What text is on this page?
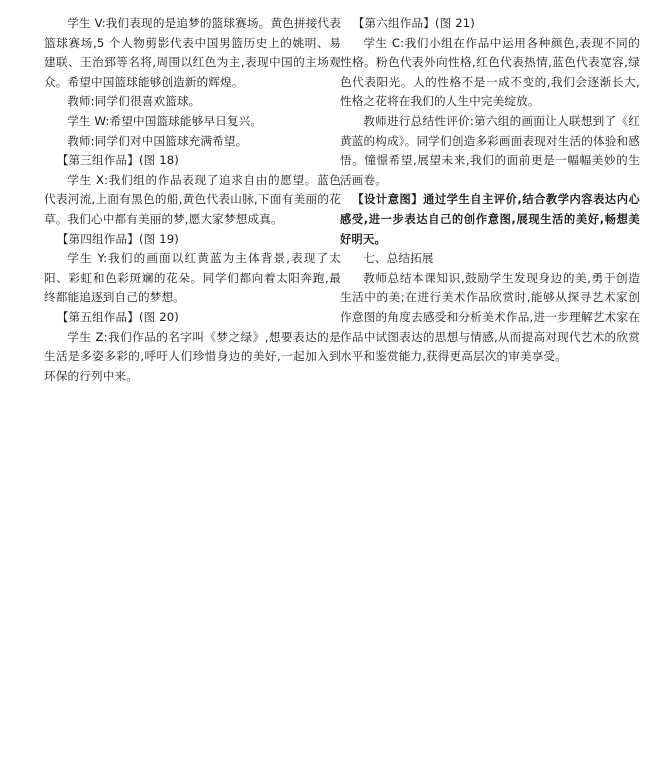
学生 V:我们表现的是追梦的篮球赛场。黄色拼接代表篮球赛场,5 个人物剪影代表中国男篮历史上的姚明、易建联、王治郅等名将,周围以红色为主,表现中国的主场观众。希望中国篮球能够创造新的辉煌。

教师:同学们很喜欢篮球。

学生 W:希望中国篮球能够早日复兴。

教师:同学们对中国篮球充满希望。

【第三组作品】(图 18)

学生 X:我们组的作品表现了追求自由的愿望。蓝色代表河流,上面有黑色的船,黄色代表山脉,下面有美丽的花草。我们心中都有美丽的梦,愿大家梦想成真。

【第四组作品】(图 19)

学生 Y:我们的画面以红黄蓝为主体背景,表现了太阳、彩虹和色彩斑斓的花朵。同学们都向着太阳奔跑,最终都能追逐到自己的梦想。

【第五组作品】(图 20)

学生 Z:我们作品的名字叫《梦之绿》,想要表达的是生活是多姿多彩的,呼吁人们珍惜身边的美好,一起加入到环保的行列中来。

【第六组作品】(图 21)

学生 C:我们小组在作品中运用各种颜色,表现不同的性格。粉色代表外向性格,红色代表热情,蓝色代表宽容,绿色代表阳光。人的性格不是一成不变的,我们会逐渐长大,性格之花将在我们的人生中完美绽放。

教师进行总结性评价:第六组的画面让人联想到了《红黄蓝的构成》。同学们创造多彩画面表现对生活的体验和感悟。憧憬希望,展望未来,我们的面前更是一幅幅美妙的生活画卷。

【设计意图】通过学生自主评价,结合教学内容表达内心感受,进一步表达自己的创作意图,展现生活的美好,畅想美好明天。

七、总结拓展

教师总结本课知识,鼓励学生发现身边的美,勇于创造生活中的美;在进行美术作品欣赏时,能够从探寻艺术家创作意图的角度去感受和分析美术作品,进一步理解艺术家在作品中试图表达的思想与情感,从而提高对现代艺术的欣赏水平和鉴赏能力,获得更高层次的审美享受。
